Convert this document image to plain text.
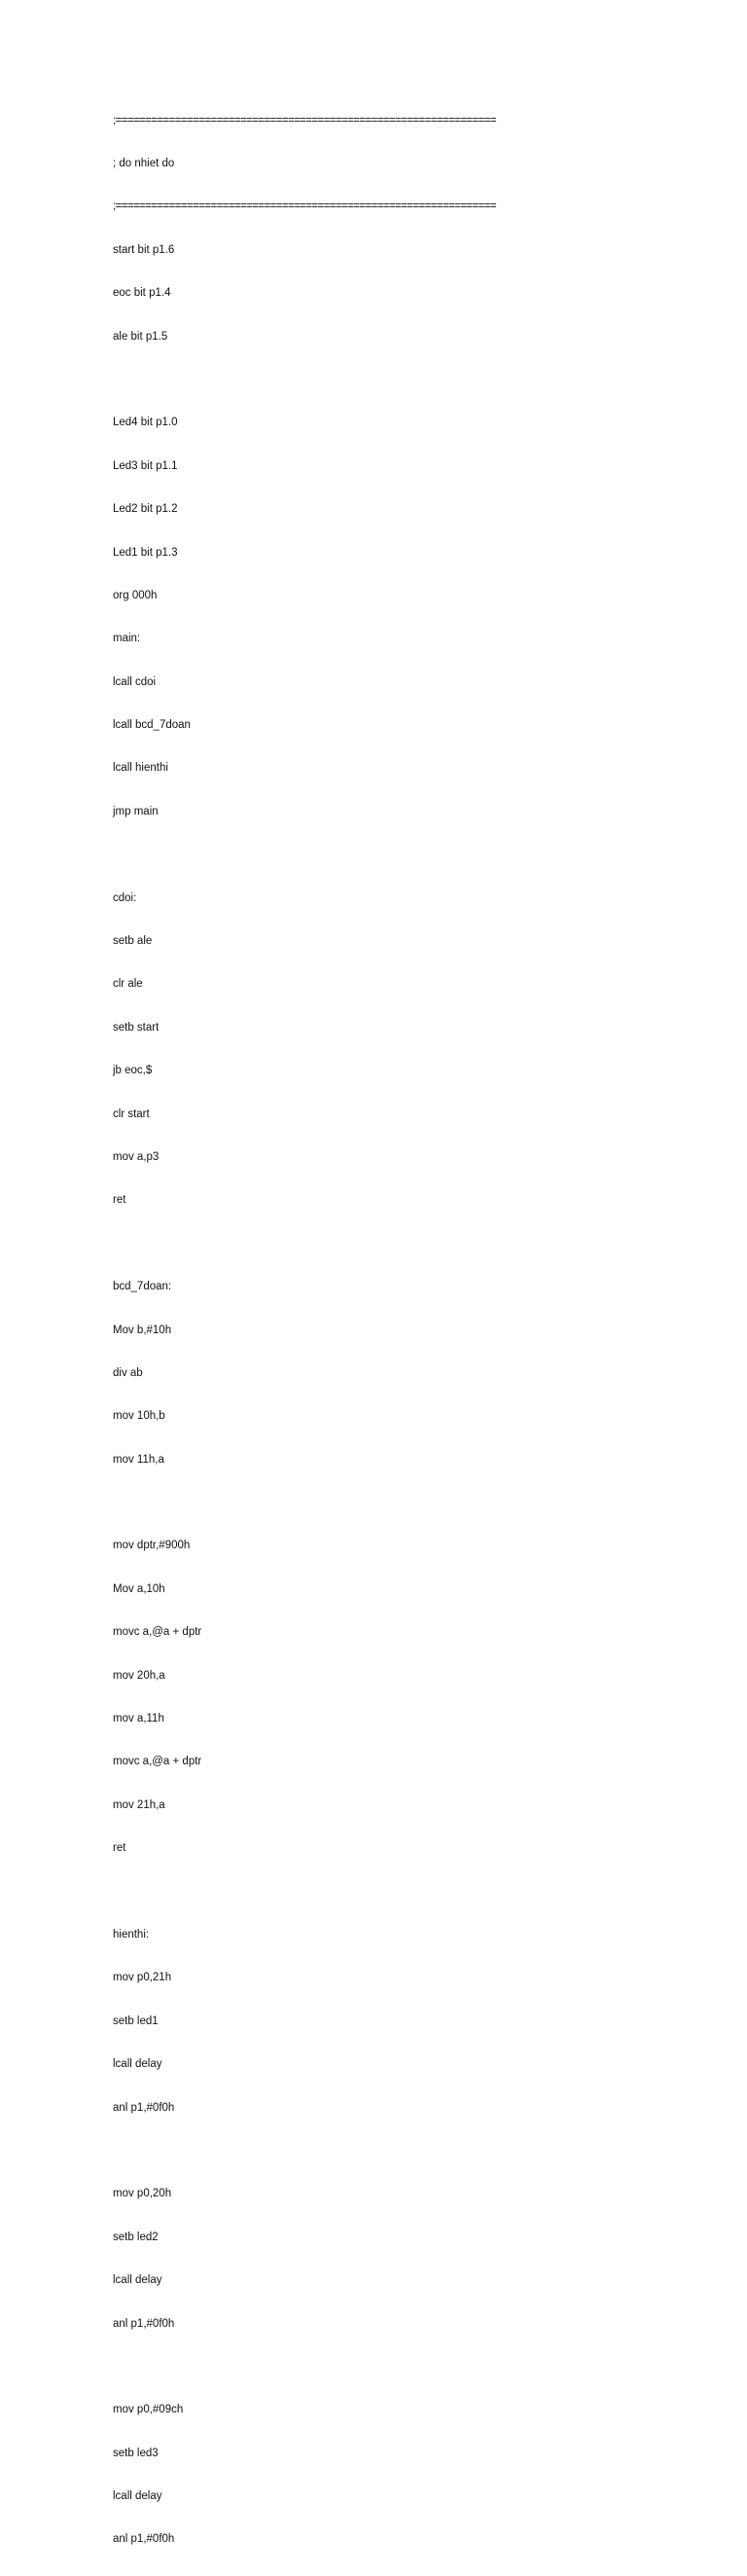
;================================================================

; do nhiet do

;================================================================

start bit p1.6

eoc bit p1.4

ale bit p1.5

Led4 bit p1.0

Led3 bit p1.1

Led2 bit p1.2

Led1 bit p1.3

org 000h

main:

lcall cdoi

lcall bcd_7doan

lcall hienthi

jmp main

cdoi:

setb ale

clr ale

setb start

jb eoc,$

clr start

mov a,p3

ret

bcd_7doan:

Mov b,#10h

div ab

mov 10h,b

mov 11h,a

mov dptr,#900h

Mov a,10h

movc a,@a + dptr

mov 20h,a

mov a,11h

movc a,@a + dptr

mov 21h,a

ret

hienthi:

mov p0,21h

setb led1

lcall delay

anl p1,#0f0h

mov p0,20h

setb led2

lcall delay

anl p1,#0f0h

mov p0,#09ch

setb led3

lcall delay

anl p1,#0f0h
